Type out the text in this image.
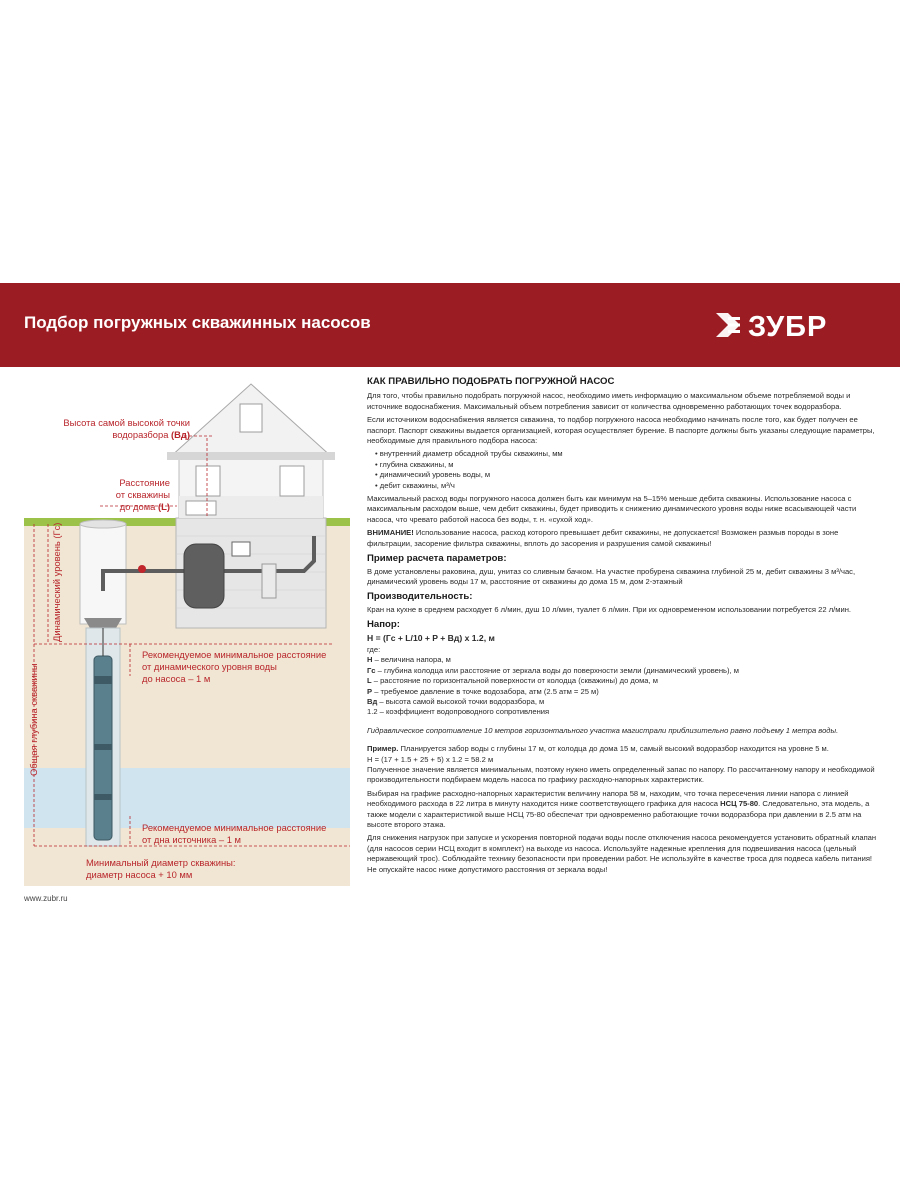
Подбор погружных скважинных насосов	ЗУБР
Высота самой высокой точки
водоразбора (Вд)
Расстояние
от скважины
до дома (L)
Динамический уровень (Гс)
Общая глубина скважины
Рекомендуемое минимальное расстояние
от динамического уровня воды
до насоса – 1 м
Рекомендуемое минимальное расстояние
от дна источника – 1 м
Минимальный диаметр скважины:
диаметр насоса + 10 мм
КАК ПРАВИЛЬНО ПОДОБРАТЬ ПОГРУЖНОЙ НАСОС

Для того, чтобы правильно подобрать погружной насос, необходимо иметь информацию о максимальном объеме потребляемой воды и источнике водоснабжения. Максимальный объем потребления зависит от количества одновременно работающих точек водоразбора.

Если источником водоснабжения является скважина, то подбор погружного насоса необходимо начинать после того, как будет получен ее паспорт. Паспорт скважины выдается организацией, которая осуществляет бурение. В паспорте должны быть указаны следующие параметры, необходимые для правильного подбора насоса:

• внутренний диаметр обсадной трубы скважины, мм
• глубина скважины, м
• динамический уровень воды, м
• дебит скважины, м³/ч

Максимальный расход воды погружного насоса должен быть как минимум на 5–15% меньше дебита скважины. Использование насоса с максимальным расходом выше, чем дебит скважины, будет приводить к снижению динамического уровня воды ниже всасывающей части насоса, что чревато работой насоса без воды, т. н. «сухой ход».

ВНИМАНИЕ! Использование насоса, расход которого превышает дебит скважины, не допускается! Возможен размыв породы в зоне фильтрации, засорение фильтра скважины, вплоть до засорения и разрушения самой скважины!

Пример расчета параметров:

В доме установлены раковина, душ, унитаз со сливным бачком. На участке пробурена скважина глубиной 25 м, дебит скважины 3 м³/час, динамический уровень воды 17 м, расстояние от скважины до дома 15 м, дом 2-этажный

Производительность:

Кран на кухне в среднем расходует 6 л/мин, душ 10 л/мин, туалет 6 л/мин. При их одновременном использовании потребуется 22 л/мин.

Напор:
Н = (Гс + L/10 + P + Вд) х 1.2, м

где:

Н – величина напора, м
Гс – глубина колодца или расстояние от зеркала воды до поверхности земли (динамический уровень), м
L – расстояние по горизонтальной поверхности от колодца (скважины) до дома, м
Р – требуемое давление в точке водозабора, атм (2.5 атм = 25 м)
Вд – высота самой высокой точки водоразбора, м

1.2 – коэффициент водопроводного сопротивления

Гидравлическое сопротивление 10 метров горизонтального участка магистрали приблизительно равно подъему 1 метра воды.

Пример. Планируется забор воды с глубины 17 м, от колодца до дома 15 м, самый высокий водоразбор находится на уровне 5 м.

Н = (17 + 1.5 + 25 + 5) х 1.2 = 58.2 м

Полученное значение является минимальным, поэтому нужно иметь определенный запас по напору. По рассчитанному напору и необходимой производительности подбираем модель насоса по графику расходно-напорных характеристик.

Выбирая на графике расходно-напорных характеристик величину напора 58 м, находим, что точка пересечения линии напора с линией необходимого расхода в 22 литра в минуту находится ниже соответствующего графика для насоса НСЦ 75-80. Следовательно, эта модель, а также модели с характеристикой выше НСЦ 75-80 обеспечат три одновременно работающие точки водоразбора при давлении в 2.5 атм на высоте второго этажа.

Для снижения нагрузок при запуске и ускорения повторной подачи воды после отключения насоса рекомендуется установить обратный клапан (для насосов серии НСЦ входит в комплект) на выходе из насоса. Используйте надежные крепления для подвешивания насоса (цельный нержавеющий трос). Соблюдайте технику безопасности при проведении работ. Не используйте в качестве троса для подвеса кабель питания! Не опускайте насос ниже допустимого расстояния от зеркала воды!

www.zubr.ru
